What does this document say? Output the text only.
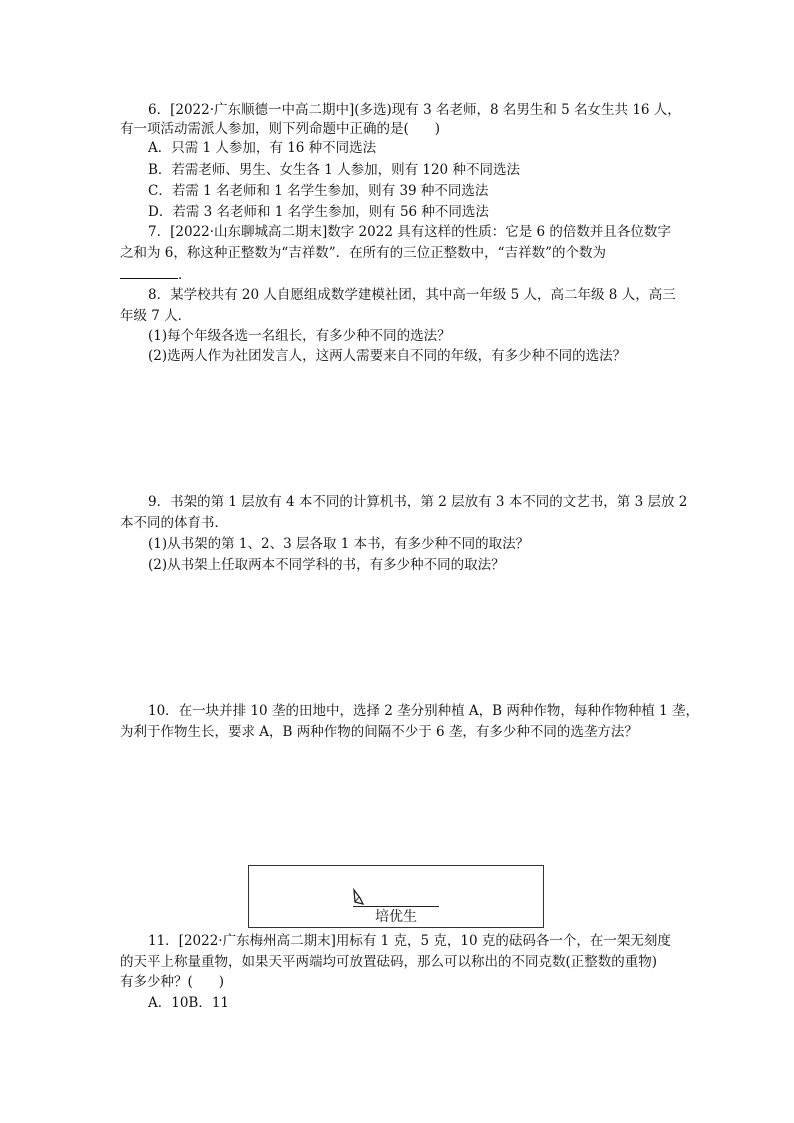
6．[2022·广东顺德一中高二期中](多选)现有 3 名老师，8 名男生和 5 名女生共 16 人，
有一项活动需派人参加，则下列命题中正确的是( )
A．只需 1 人参加，有 16 种不同选法
B．若需老师、男生、女生各 1 人参加，则有 120 种不同选法
C．若需 1 名老师和 1 名学生参加，则有 39 种不同选法
D．若需 3 名老师和 1 名学生参加，则有 56 种不同选法
7．[2022·山东聊城高二期末]数字 2022 具有这样的性质：它是 6 的倍数并且各位数字
之和为 6，称这种正整数为“吉祥数”．在所有的三位正整数中，“吉祥数”的个数为
．
8．某学校共有 20 人自愿组成数学建模社团，其中高一年级 5 人，高二年级 8 人，高三
年级 7 人．
(1)每个年级各选一名组长，有多少种不同的选法？
(2)选两人作为社团发言人，这两人需要来自不同的年级，有多少种不同的选法？
9．书架的第 1 层放有 4 本不同的计算机书，第 2 层放有 3 本不同的文艺书，第 3 层放 2
本不同的体育书．
(1)从书架的第 1、2、3 层各取 1 本书，有多少种不同的取法？
(2)从书架上任取两本不同学科的书，有多少种不同的取法？
10．在一块并排 10 垄的田地中，选择 2 垄分别种植 A，B 两种作物，每种作物种植 1 垄，
为利于作物生长，要求 A，B 两种作物的间隔不少于 6 垄，有多少种不同的选垄方法？
培优生
11．[2022·广东梅州高二期末]用标有 1 克，5 克，10 克的砝码各一个，在一架无刻度
的天平上称量重物，如果天平两端均可放置砝码，那么可以称出的不同克数(正整数的重物)
有多少种？( )
A．10B．11
